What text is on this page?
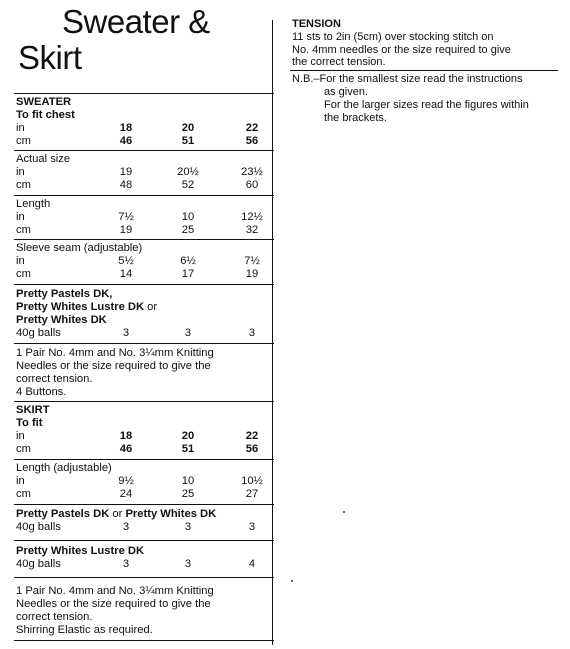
Sweater &
Skirt
SWEATER
To fit chest
in	18	20	22
cm	46	51	56
Actual size
in	19	20½	23½
cm	48	52	60
Length
in	7½	10	12½
cm	19	25	32
Sleeve seam (adjustable)
in	5½	6½	7½
cm	14	17	19
Pretty Pastels DK,
Pretty Whites Lustre DK or
Pretty Whites DK
40g balls	3	3	3
1 Pair No. 4mm and No. 3¼mm Knitting
Needles or the size required to give the
correct tension.
4 Buttons.
SKIRT
To fit
in	18	20	22
cm	46	51	56
Length (adjustable)
in	9½	10	10½
cm	24	25	27
Pretty Pastels DK or Pretty Whites DK
40g balls	3	3	3
Pretty Whites Lustre DK
40g balls	3	3	4
1 Pair No. 4mm and No. 3¼mm Knitting
Needles or the size required to give the
correct tension.
Shirring Elastic as required.
TENSION
11 sts to 2in (5cm) over stocking stitch on
No. 4mm needles or the size required to give
the correct tension.
N.B.–For the smallest size read the instructions
as given.
For the larger sizes read the figures within
the brackets.
